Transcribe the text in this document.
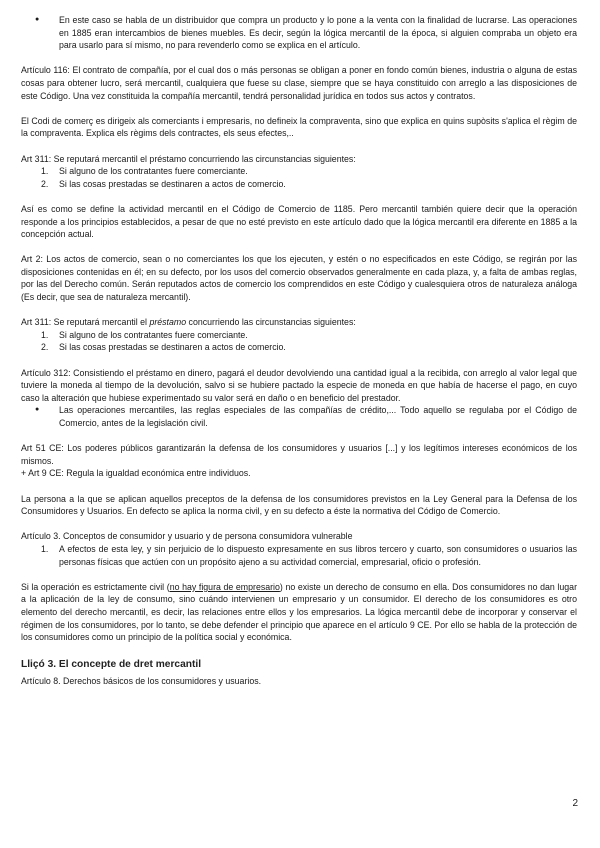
● En este caso se habla de un distribuidor que compra un producto y lo pone a la venta con la finalidad de lucrarse. Las operaciones en 1885 eran intercambios de bienes muebles. Es decir, según la lógica mercantil de la época, si alguien compraba un objeto era para usarlo para sí mismo, no para revenderlo como se explica en el artículo.

Artículo 116: El contrato de compañía, por el cual dos o más personas se obligan a poner en fondo común bienes, industria o alguna de estas cosas para obtener lucro, será mercantil, cualquiera que fuese su clase, siempre que se haya constituido con arreglo a las disposiciones de este Código. Una vez constituida la compañía mercantil, tendrá personalidad jurídica en todos sus actos y contratos.

El Codi de comerç es dirigeix als comerciants i empresaris, no defineix la compraventa, sino que explica en quins supòsits s'aplica el règim de la compraventa. Explica els règims dels contractes, els seus efectes,..

Art 311: Se reputará mercantil el préstamo concurriendo las circunstancias siguientes:
1. Si alguno de los contratantes fuere comerciante.
2. Si las cosas prestadas se destinaren a actos de comercio.

Así es como se define la actividad mercantil en el Código de Comercio de 1185. Pero mercantil también quiere decir que la operación responde a los principios establecidos, a pesar de que no esté previsto en este artículo dado que la lógica mercantil era diferente en 1885 a la concepción actual.

Art 2: Los actos de comercio, sean o no comerciantes los que los ejecuten, y estén o no especificados en este Código, se regirán por las disposiciones contenidas en él; en su defecto, por los usos del comercio observados generalmente en cada plaza, y, a falta de ambas reglas, por las del Derecho común. Serán reputados actos de comercio los comprendidos en este Código y cualesquiera otros de naturaleza análoga (Es decir, que sea de naturaleza mercantil).

Art 311: Se reputará mercantil el préstamo concurriendo las circunstancias siguientes:
1. Si alguno de los contratantes fuere comerciante.
2. Si las cosas prestadas se destinaren a actos de comercio.
Artículo 312: Consistiendo el préstamo en dinero, pagará el deudor devolviendo una cantidad igual a la recibida, con arreglo al valor legal que tuviere la moneda al tiempo de la devolución, salvo si se hubiere pactado la especie de moneda en que había de hacerse el pago, en cuyo caso la alteración que hubiese experimentado su valor será en daño o en beneficio del prestador.
● Las operaciones mercantiles, las reglas especiales de las compañías de crédito,... Todo aquello se regulaba por el Código de Comercio, antes de la legislación civil.
Art 51 CE: Los poderes públicos garantizarán la defensa de los consumidores y usuarios [...] y los legítimos intereses económicos de los mismos.

+ Art 9 CE: Regula la igualdad económica entre individuos.

La persona a la que se aplican aquellos preceptos de la defensa de los consumidores previstos en la Ley General para la Defensa de los Consumidores y Usuarios. En defecto se aplica la norma civil, y en su defecto a éste la normativa del Código de Comercio.

Artículo 3. Conceptos de consumidor y usuario y de persona consumidora vulnerable
1. A efectos de esta ley, y sin perjuicio de lo dispuesto expresamente en sus libros tercero y cuarto, son consumidores o usuarios las personas físicas que actúen con un propósito ajeno a su actividad comercial, empresarial, oficio o profesión.

Si la operación es estrictamente civil (no hay figura de empresario) no existe un derecho de consumo en ella. Dos consumidores no dan lugar a la aplicación de la ley de consumo, sino cuándo intervienen un empresario y un consumidor. El derecho de los consumidores es otro elemento del derecho mercantil, es decir, las relaciones entre ellos y los empresarios. La lógica mercantil debe de incorporar y conservar el régimen de los consumidores, por lo tanto, se debe defender el principio que aparece en el artículo 9 CE. Por ello se habla de la protección de los consumidores como un principio de la política social y económica.

Lliçó 3. El concepte de dret mercantil
Artículo 8. Derechos básicos de los consumidores y usuarios.
2
